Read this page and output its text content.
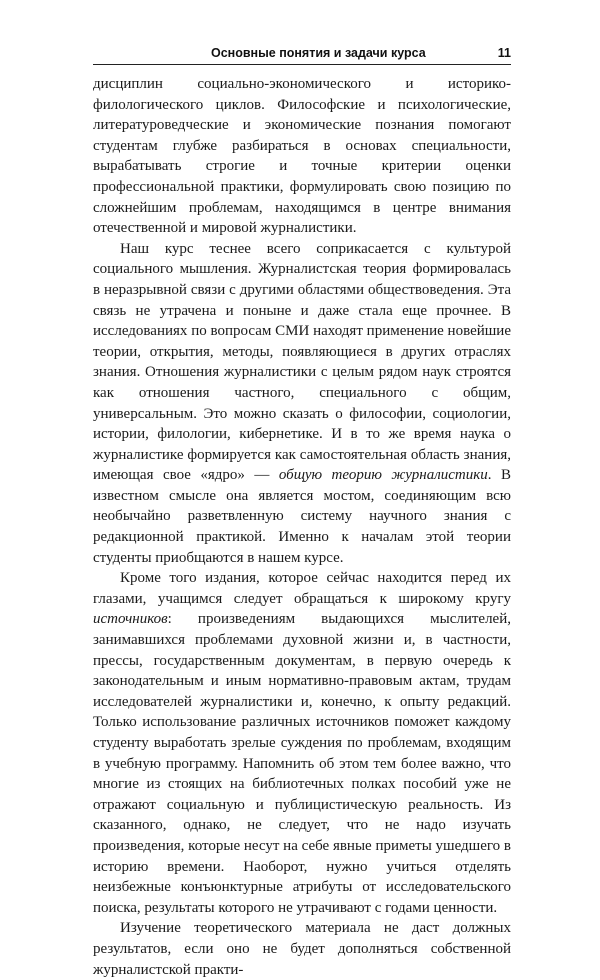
Основные понятия и задачи курса	11

дисциплин социально-экономического и историко-филологического циклов. Философские и психологические, литературоведческие и экономические познания помогают студентам глубже разбираться в основах специальности, вырабатывать строгие и точные критерии оценки профессиональной практики, формулировать свою позицию по сложнейшим проблемам, находящимся в центре внимания отечественной и мировой журналистики.

Наш курс теснее всего соприкасается с культурой социального мышления. Журналистская теория формировалась в неразрывной связи с другими областями обществоведения. Эта связь не утрачена и поныне и даже стала еще прочнее. В исследованиях по вопросам СМИ находят применение новейшие теории, открытия, методы, появляющиеся в других отраслях знания. Отношения журналистики с целым рядом наук строятся как отношения частного, специального с общим, универсальным. Это можно сказать о философии, социологии, истории, филологии, кибернетике. И в то же время наука о журналистике формируется как самостоятельная область знания, имеющая свое «ядро» — общую теорию журналистики. В известном смысле она является мостом, соединяющим всю необычайно разветвленную систему научного знания с редакционной практикой. Именно к началам этой теории студенты приобщаются в нашем курсе.

Кроме того издания, которое сейчас находится перед их глазами, учащимся следует обращаться к широкому кругу источников: произведениям выдающихся мыслителей, занимавшихся проблемами духовной жизни и, в частности, прессы, государственным документам, в первую очередь к законодательным и иным нормативно-правовым актам, трудам исследователей журналистики и, конечно, к опыту редакций. Только использование различных источников поможет каждому студенту выработать зрелые суждения по проблемам, входящим в учебную программу. Напомнить об этом тем более важно, что многие из стоящих на библиотечных полках пособий уже не отражают социальную и публицистическую реальность. Из сказанного, однако, не следует, что не надо изучать произведения, которые несут на себе явные приметы ушедшего в историю времени. Наоборот, нужно учиться отделять неизбежные конъюнктурные атрибуты от исследовательского поиска, результаты которого не утрачивают с годами ценности.

Изучение теоретического материала не даст должных результатов, если оно не будет дополняться собственной журналистской практи-
